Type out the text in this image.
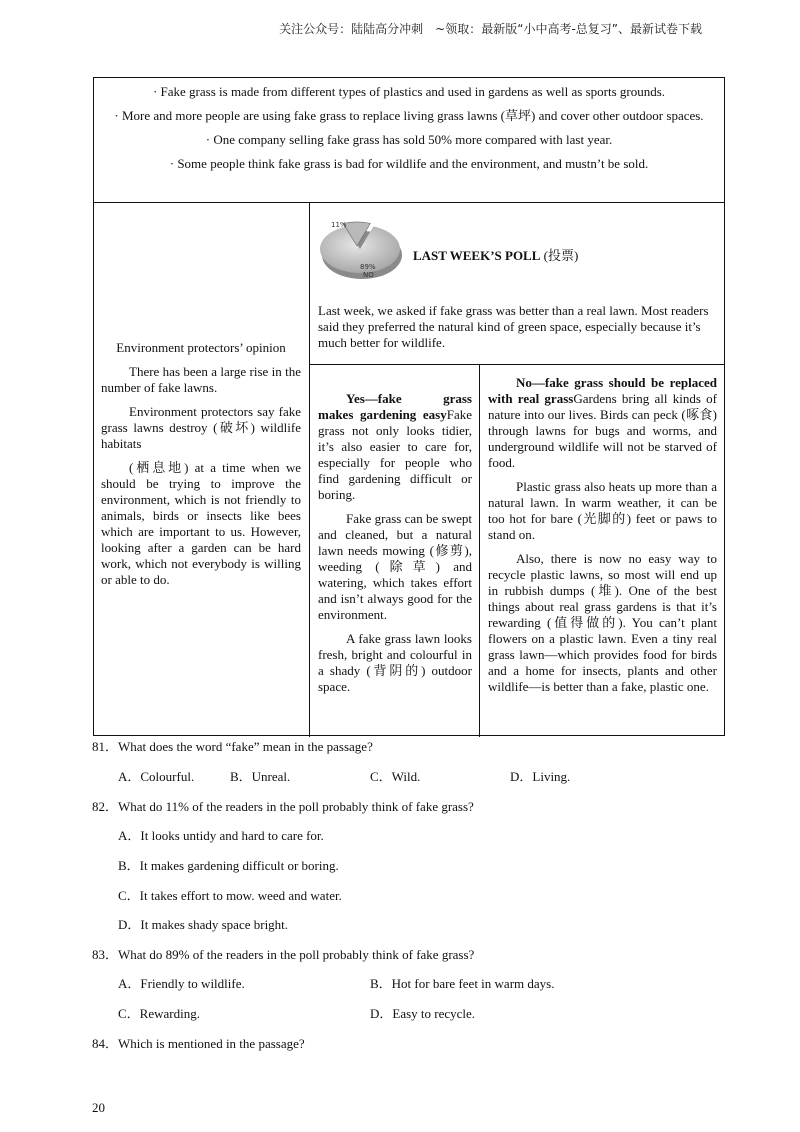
关注公众号：陆陆高分冲刺　~领取：最新版“小中高考-总复习”、最新试卷下载

· Fake grass is made from different types of plastics and used in gardens as well as sports grounds.

· More and more people are using fake grass to replace living grass lawns (草坪) and cover other outdoor spaces.

· One company selling fake grass has sold 50% more compared with last year.

· Some people think fake grass is bad for wildlife and the environment, and mustn’t be sold.

Environment protectors’ opinion

There has been a large rise in the number of fake lawns.

Environment protectors say fake grass lawns destroy (破坏) wildlife habitats

(栖息地) at a time when we should be trying to improve the environment, which is not friendly to animals, birds or insects like bees which are important to us. However, looking after a garden can be hard work, which not everybody is willing or able to do.

11%
89%
NO
LAST WEEK’S POLL (投票)
Last week, we asked if fake grass was better than a real lawn. Most readers said they preferred the natural kind of green space, especially because it’s much better for wildlife.

Yes—fake grass makes gardening easyFake grass not only looks tidier, it’s also easier to care for, especially for people who find gardening difficult or boring.

Fake grass can be swept and cleaned, but a natural lawn needs mowing (修剪), weeding (除草) and watering, which takes effort and isn’t always good for the environment.

A fake grass lawn looks fresh, bright and colourful in a shady (背阴的) outdoor space.

No—fake grass should be replaced with real grassGardens bring all kinds of nature into our lives. Birds can peck (啄食) through lawns for bugs and worms, and underground wildlife will not be starved of food.

Plastic grass also heats up more than a natural lawn. In warm weather, it can be too hot for bare (光脚的) feet or paws to stand on.

Also, there is now no easy way to recycle plastic lawns, so most will end up in rubbish dumps (堆). One of the best things about real grass gardens is that it’s rewarding (值得做的). You can’t plant flowers on a plastic lawn. Even a tiny real grass lawn—which provides food for birds and a home for insects, plants and other wildlife—is better than a fake, plastic one.

81．What does the word “fake” mean in the passage?
A．Colourful.	B．Unreal.	C．Wild.	D．Living.
82．What do 11% of the readers in the poll probably think of fake grass?
A．It looks untidy and hard to care for.
B．It makes gardening difficult or boring.
C．It takes effort to mow. weed and water.
D．It makes shady space bright.
83．What do 89% of the readers in the poll probably think of fake grass?
A．Friendly to wildlife.	B．Hot for bare feet in warm days.
C．Rewarding.	D．Easy to recycle.
84．Which is mentioned in the passage?
20
